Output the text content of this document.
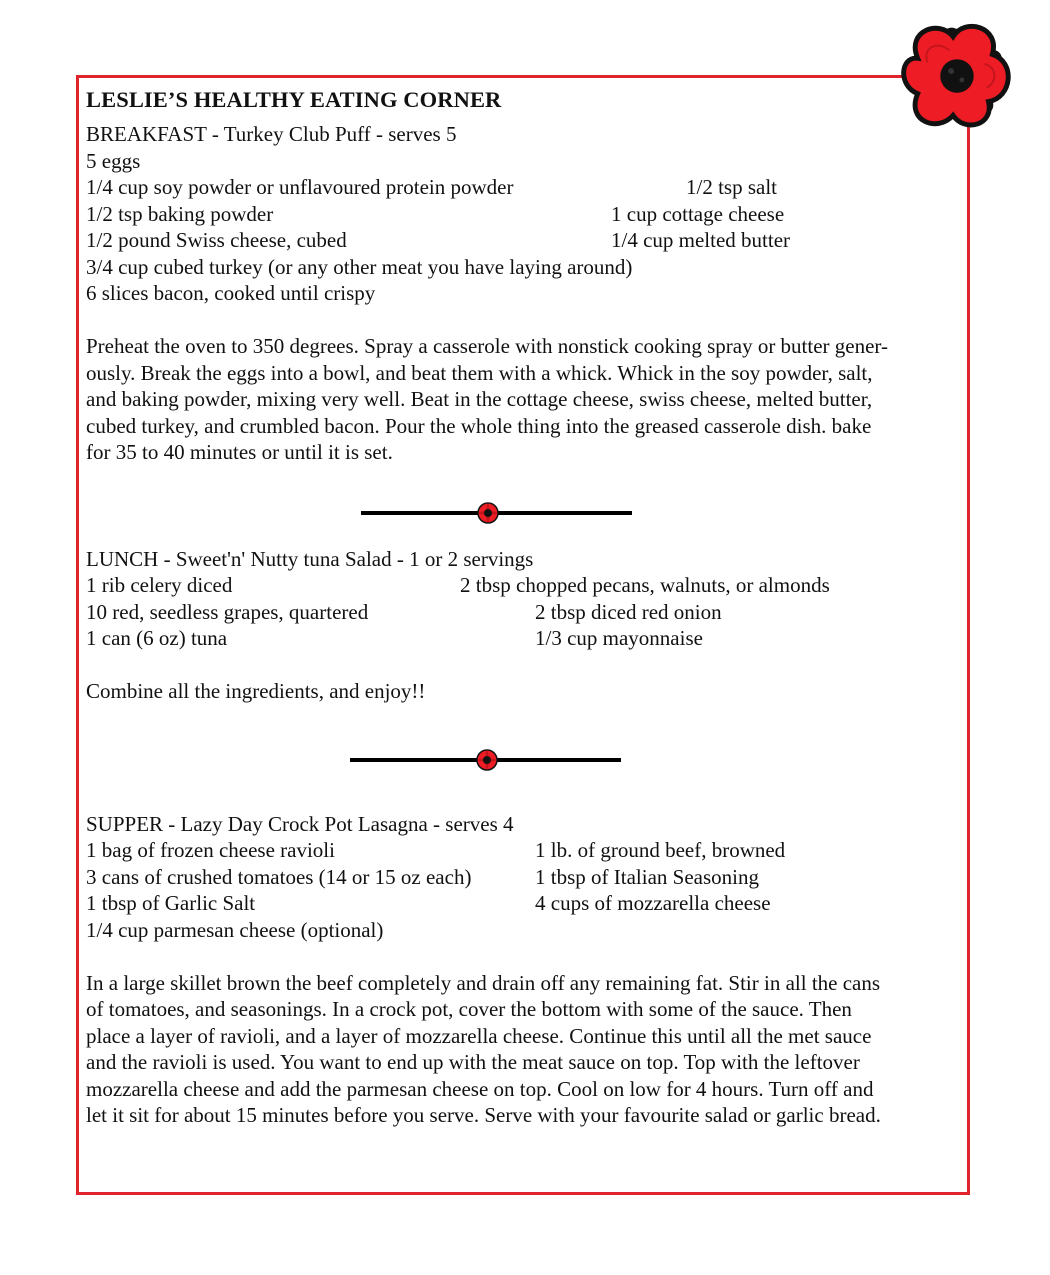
LESLIE’S HEALTHY EATING CORNER
BREAKFAST - Turkey Club Puff - serves 5
5 eggs
1/4 cup soy powder or unflavoured protein powder	1/2 tsp salt
1/2 tsp baking powder	1 cup cottage cheese
1/2 pound Swiss cheese, cubed	1/4 cup melted butter
3/4 cup cubed turkey (or any other meat you have laying around)
6 slices bacon, cooked until crispy
Preheat the oven to 350 degrees. Spray a casserole with nonstick cooking spray or butter gener-
ously. Break the eggs into a bowl, and beat them with a whick. Whick in the soy powder, salt,
and baking powder, mixing very well. Beat in the cottage cheese, swiss cheese, melted butter,
cubed turkey, and crumbled bacon. Pour the whole thing into the greased casserole dish. bake
for 35 to 40 minutes or until it is set.
LUNCH - Sweet'n' Nutty tuna Salad - 1 or 2 servings
1 rib celery diced	2 tbsp chopped pecans, walnuts, or almonds
10 red, seedless grapes, quartered	2 tbsp diced red onion
1 can (6 oz) tuna	1/3 cup mayonnaise
Combine all the ingredients, and enjoy!!
SUPPER - Lazy Day Crock Pot Lasagna - serves 4
1 bag of frozen cheese ravioli	1 lb. of ground beef, browned
3 cans of crushed tomatoes (14 or 15 oz each)	1 tbsp of Italian Seasoning
1 tbsp of Garlic Salt	4 cups of mozzarella cheese
1/4 cup parmesan cheese (optional)
In a large skillet brown the beef completely and drain off any remaining fat. Stir in all the cans
of tomatoes, and seasonings. In a crock pot, cover the bottom with some of the sauce. Then
place a layer of ravioli, and a layer of mozzarella cheese. Continue this until all the met sauce
and the ravioli is used. You want to end up with the meat sauce on top. Top with the leftover
mozzarella cheese and add the parmesan cheese on top. Cool on low for 4 hours. Turn off and
let it sit for about 15 minutes before you serve. Serve with your favourite salad or garlic bread.
